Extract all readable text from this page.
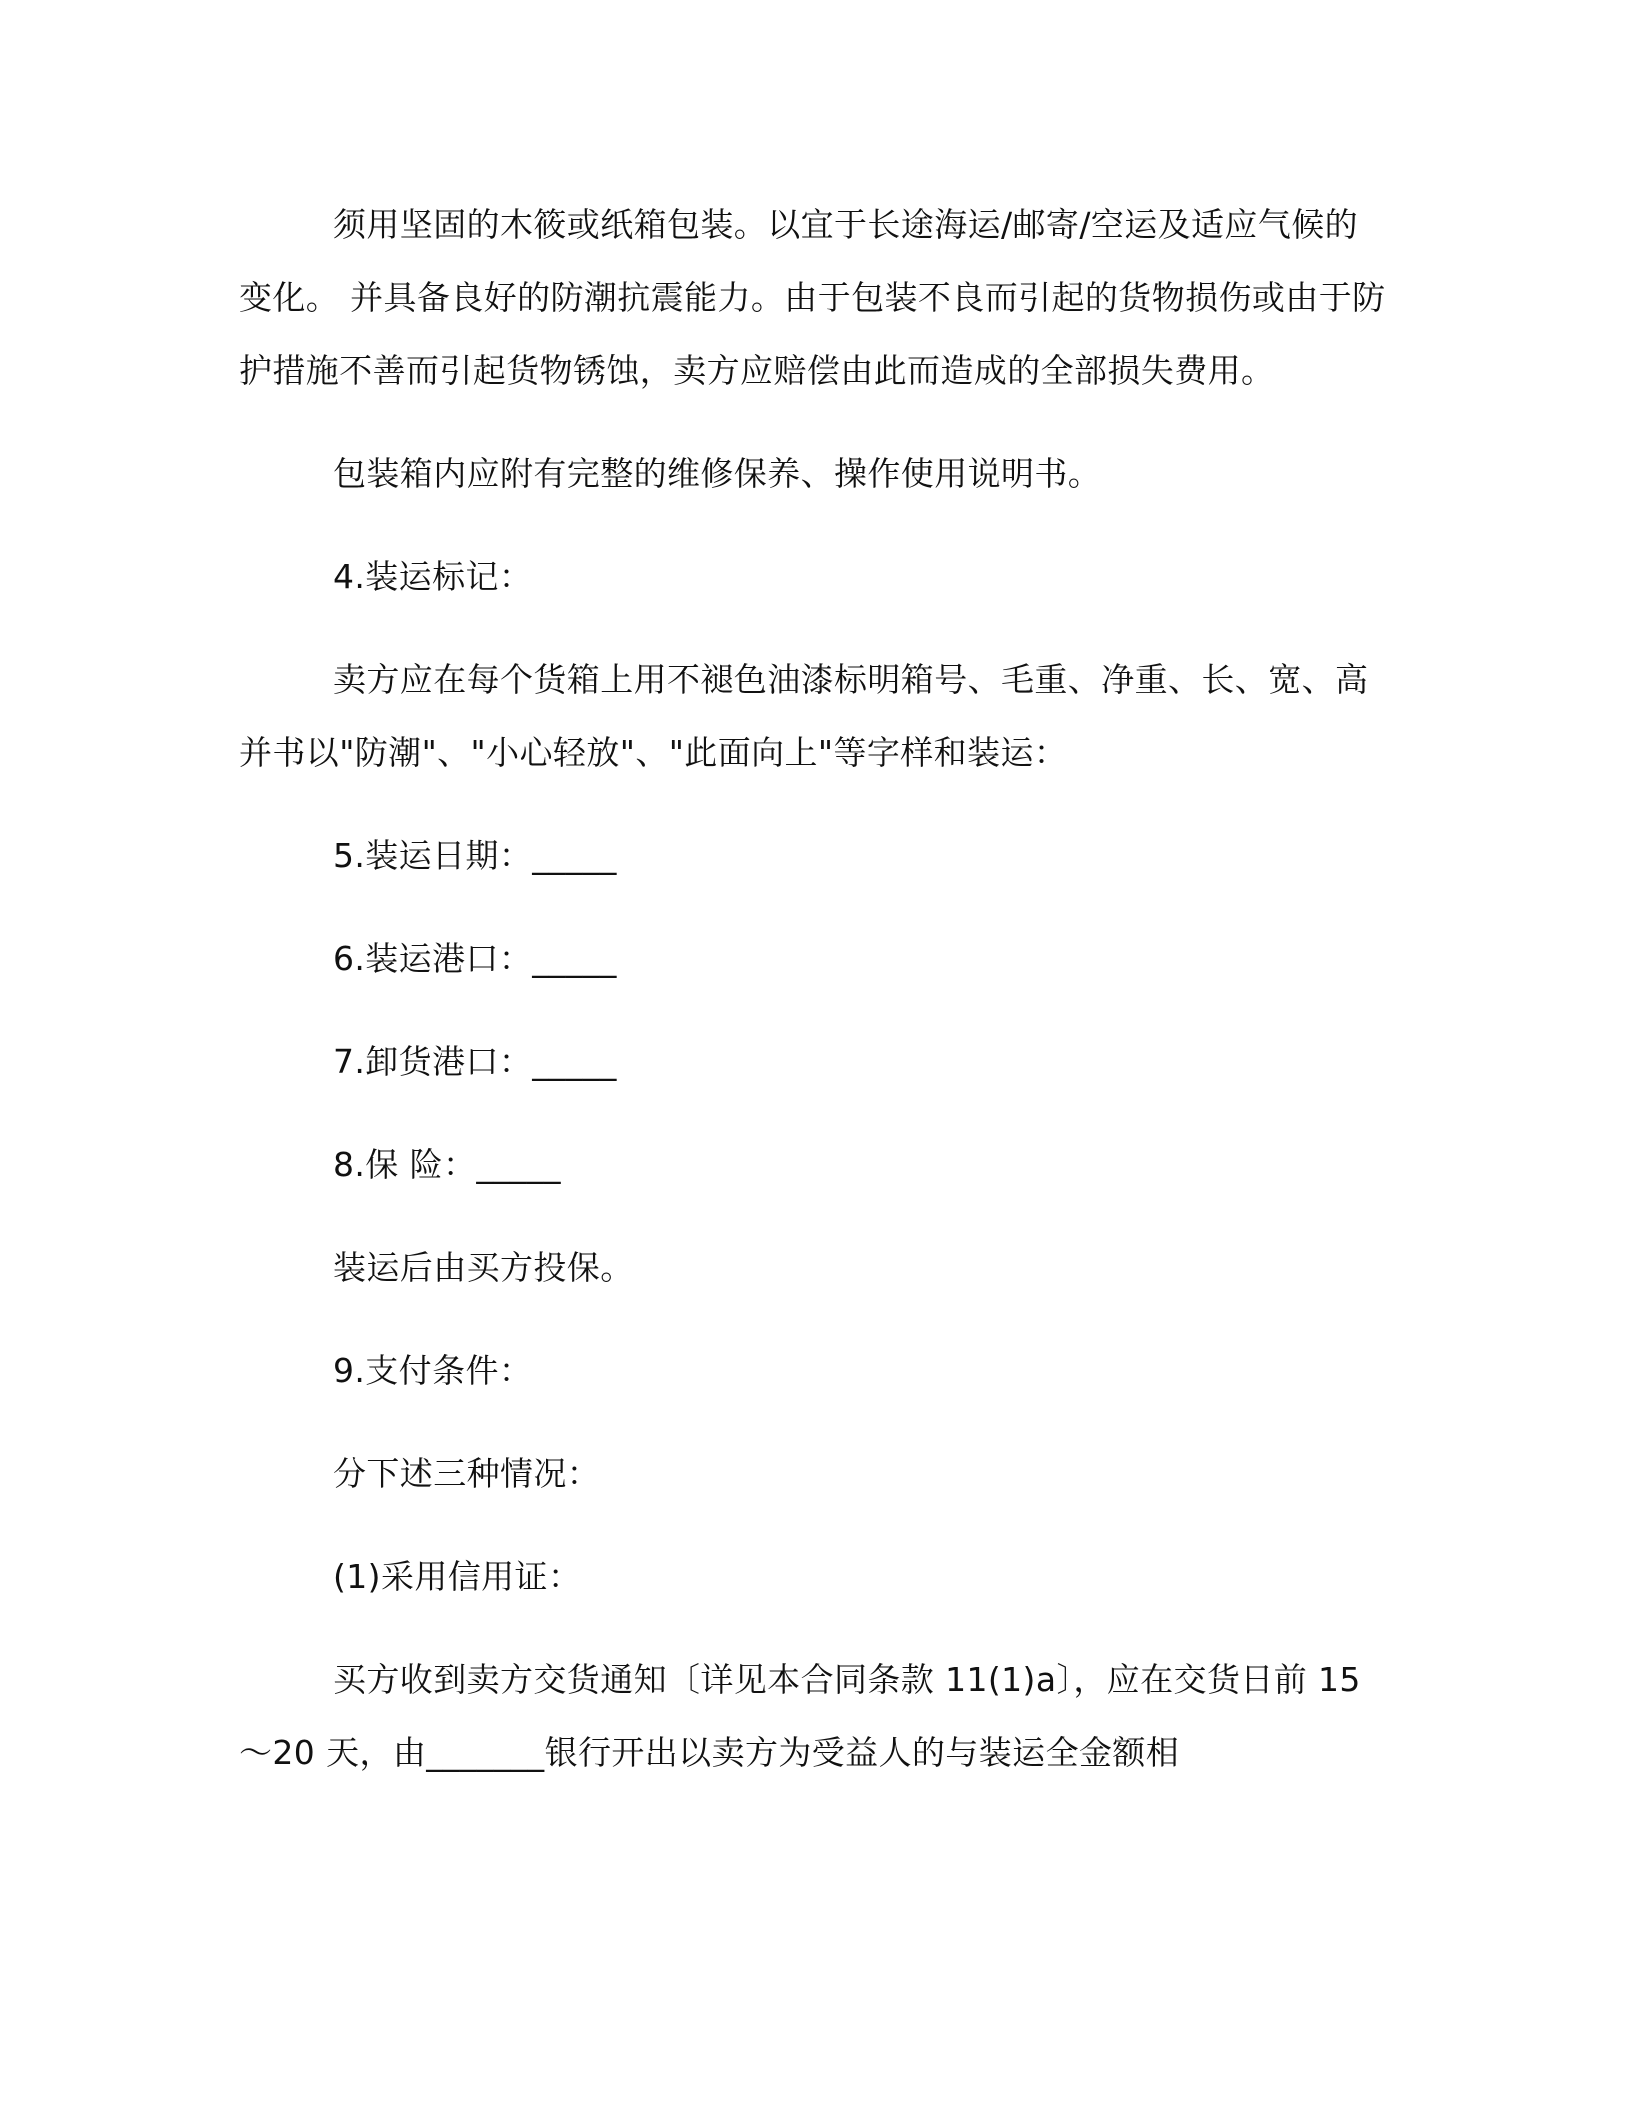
须用坚固的木筱或纸箱包装。以宜于长途海运/邮寄/空运及适应气候的变化。 并具备良好的防潮抗震能力。由于包装不良而引起的货物损伤或由于防护措施不善而引起货物锈蚀，卖方应赔偿由此而造成的全部损失费用。

包装箱内应附有完整的维修保养、操作使用说明书。

4.装运标记：

卖方应在每个货箱上用不褪色油漆标明箱号、毛重、净重、长、宽、高并书以"防潮"、"小心轻放"、"此面向上"等字样和装运：

5.装运日期：_____

6.装运港口：_____

7.卸货港口：_____

8.保 险：_____

装运后由买方投保。

9.支付条件：

分下述三种情况：

(1)采用信用证：

买方收到卖方交货通知〔详见本合同条款 11(1)a〕，应在交货日前 15～20 天，由_______银行开出以卖方为受益人的与装运全金额相
